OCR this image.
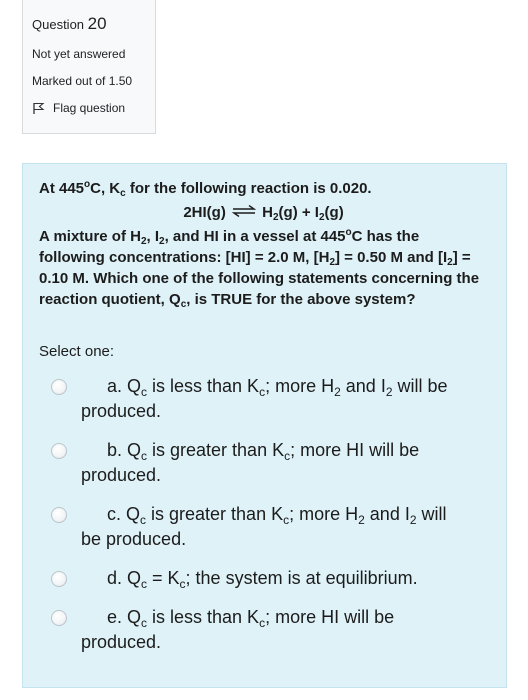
Question 20
Not yet answered
Marked out of 1.50
Flag question
At 445$^o$C, $K_c$ for the following reaction is 0.020.
2HI(g) ⇌ $H_2(g) + I_2(g)$
A mixture of $H_2$, $I_2$, and HI in a vessel at 445$^o$C has the following concentrations: [HI] = 2.0 M, $[H_2] = 0.50$ M and $[I_2] = 0.10$ M. Which one of the following statements concerning the reaction quotient, $Q_c$, is TRUE for the above system?
Select one:
a. $Q_c$ is less than $K_c$; more $H_2$ and $I_2$ will be produced.
b. $Q_c$ is greater than $K_c$; more HI will be produced.
c. $Q_c$ is greater than $K_c$; more $H_2$ and $I_2$ will be produced.
d. $Q_c = K_c$; the system is at equilibrium.
e. $Q_c$ is less than $K_c$; more HI will be produced.
